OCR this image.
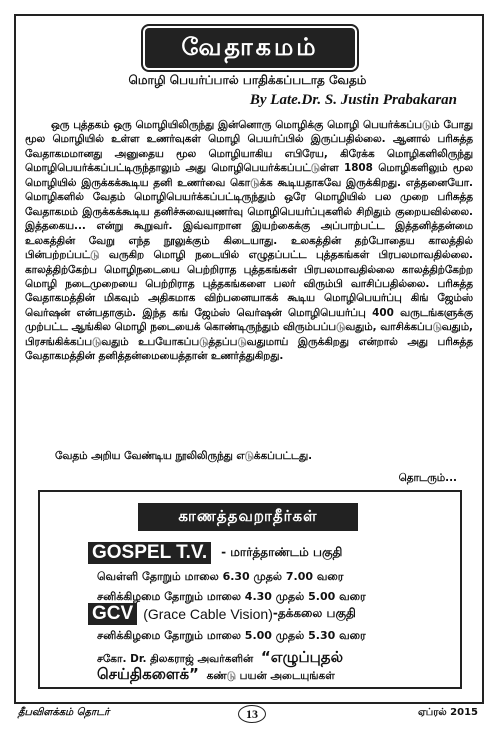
வேதாகமம்
மொழி பெயர்ப்பால் பாதிக்கப்படாத வேதம்
By Late.Dr. S. Justin Prabakaran

ஒரு புத்தகம் ஒரு மொழியிலிருந்து இன்னொரு மொழிக்கு மொழி பெயர்க்கப்படும் போது மூல மொழியில் உள்ள உணர்வுகள் மொழி பெயர்ப்பில் இருப்பதில்லை. ஆனால் பரிசுத்த வேதாகமமானது அனுதைய மூல மொழியாகிய எபிரேய, கிரேக்க மொழிகளிலிருந்து மொழிபெயர்க்கப்பட்டிருந்தாலும் அது மொழிபெயர்க்கப்பட்டுள்ள 1808 மொழிகளிலும் மூல மொழியில் இருக்கக்கூடிய தனி உணர்வை கொடுக்க கூடியதாகவே இருக்கிறது. எத்தனையோ. மொழிகளில் வேதம் மொழிபெயர்க்கப்பட்டிருந்தும் ஒரே மொழியில் பல முறை பரிசுத்த வேதாகமம் இருக்கக்கூடிய தனிச்சுவையுணர்வு மொழிபெயர்ப்புகளில் சிறிதும் குறையவில்லை. இத்தகைய... என்று கூறுவர். இவ்வாறான இயற்கைக்கு அப்பாற்பட்ட இத்தனித்தன்மை உலகத்தின் வேறு எந்த நூலுக்கும் கிடையாது. உலகத்தின் தற்போதைய காலத்தில் பின்பற்றப்பட்டு வருகிற மொழி நடையில் எழுதப்பட்ட புத்தகங்கள் பிரபலமாவதில்லை. காலத்திற்கேற்ப மொழிநடையை பெற்றிராத புத்தகங்கள் பிரபலமாவதில்லை காலத்திற்கேற்ற மொழி நடைமுறையை பெற்றிராத புத்தகங்களை பலர் விரும்பி வாசிப்பதில்லை. பரிசுத்த வேதாகமத்தின் மிகவும் அதிகமாக விற்பனையாகக் கூடிய மொழிபெயர்ப்பு கிங் ஜேம்ஸ் வெர்ஷன் என்பதாகும். இந்த கங் ஜேம்ஸ் வெர்ஷன் மொழிபெயர்ப்பு 400 வருடங்களுக்கு முற்பட்ட ஆங்கில மொழி நடையைக் கொண்டிருந்தும் விரும்பப்படுவதும், வாசிக்கப்படுவதும், பிரசங்கிக்கப்படுவதும் உபயோகப்படுத்தப்படுவதுமாய் இருக்கிறது என்றால் அது பரிசுத்த வேதாகமத்தின் தனித்தன்மையைத்தான் உணர்த்துகிறது.

வேதம் அறிய வேண்டிய நூலிலிருந்து எடுக்கப்பட்டது.
தொடரும்...
காணத்தவறாதீர்கள்
GOSPEL T.V.	- மார்த்தாண்டம் பகுதி
வெள்ளி தோறும் மாலை 6.30 முதல் 7.00 வரை
சனிக்கிழமை தோறும் மாலை 4.30 முதல் 5.00 வரை
GCV (Grace Cable Vision) -தக்கலை பகுதி
சனிக்கிழமை தோறும் மாலை 5.00 முதல் 5.30 வரை
சகோ. Dr. திலகராஜ் அவர்களின் “எழுப்புதல்
செய்திகளைக்” கண்டு பயன் அடையுங்கள்
தீபவிளக்கம் தொடர்	13	ஏப்ரல் 2015
